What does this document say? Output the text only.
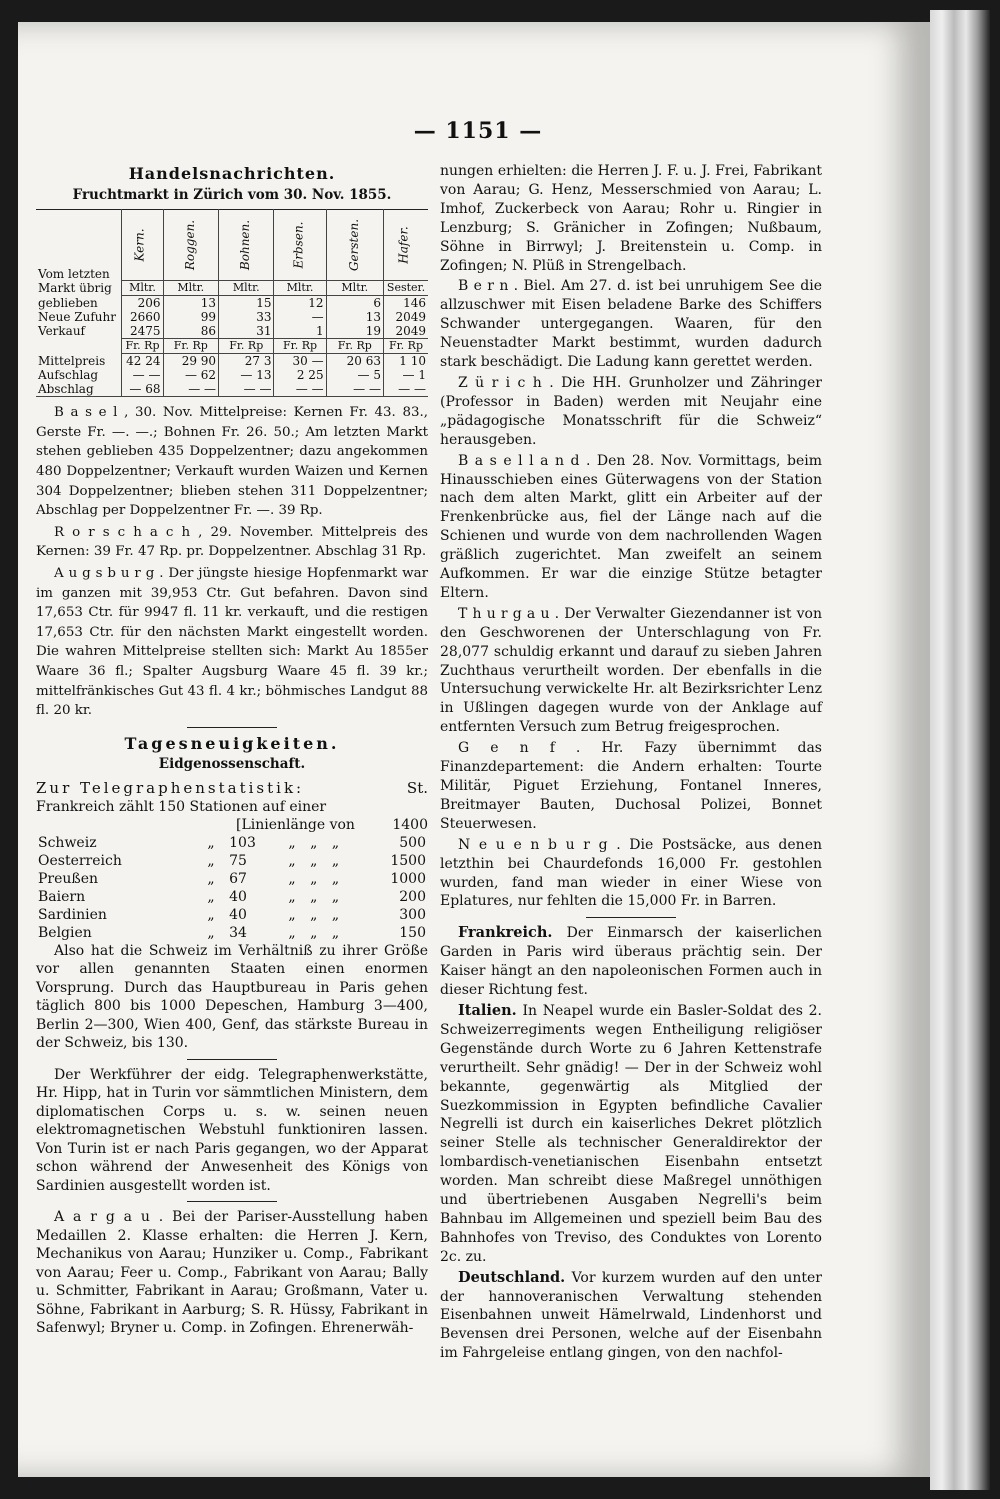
— 1151 —
Handelsnachrichten.
Fruchtmarkt in Zürich vom 30. Nov. 1855.
Vom letzten	Kern.	Roggen.	Bohnen.	Erbsen.	Gersten.	Hafer.
Markt übrig	Mltr.	Mltr.	Mltr.	Mltr.	Mltr.	Sester.
geblieben	206	13	15	12	6	146
Neue Zufuhr	2660	99	33	—	13	2049
Verkauf	2475	86	31	1	19	2049
	Fr. Rp	Fr. Rp	Fr. Rp	Fr. Rp	Fr. Rp	Fr. Rp
Mittelpreis	42 24	29 90	27 3	30 —	20 63	1 10
Aufschlag	— —	— 62	— 13	2 25	— 5	— 1
Abschlag	— 68	— —	— —	— —	— —	— —

B a s e l , 30. Nov. Mittelpreise: Kernen Fr. 43. 83., Gerste Fr. —. —.; Bohnen Fr. 26. 50.; Am letzten Markt stehen geblieben 435 Doppelzentner; dazu angekommen 480 Doppelzentner; Verkauft wurden Waizen und Kernen 304 Doppelzentner; blieben stehen 311 Doppelzentner; Abschlag per Doppelzentner Fr. —. 39 Rp.

R o r s c h a c h , 29. November. Mittelpreis des Kernen: 39 Fr. 47 Rp. pr. Doppelzentner. Abschlag 31 Rp.

A u g s b u r g . Der jüngste hiesige Hopfenmarkt war im ganzen mit 39,953 Ctr. Gut befahren. Davon sind 17,653 Ctr. für 9947 fl. 11 kr. verkauft, und die restigen 17,653 Ctr. für den nächsten Markt eingestellt worden. Die wahren Mittelpreise stellten sich: Markt Au 1855er Waare 36 fl.; Spalter Augsburg Waare 45 fl. 39 kr.; mittelfränkisches Gut 43 fl. 4 kr.; böhmisches Landgut 88 fl. 20 kr.

Tagesneuigkeiten.
Eidgenossenschaft.
Zur Telegraphenstatistik:	St.
Frankreich zählt 150 Stationen auf einer
[Linienlänge von	1400
Schweiz	„	103	„	„	„	500
Oesterreich	„	75	„	„	„	1500
Preußen	„	67	„	„	„	1000
Baiern	„	40	„	„	„	200
Sardinien	„	40	„	„	„	300
Belgien	„	34	„	„	„	150

Also hat die Schweiz im Verhältniß zu ihrer Größe vor allen genannten Staaten einen enormen Vorsprung. Durch das Hauptbureau in Paris gehen täglich 800 bis 1000 Depeschen, Hamburg 3—400, Berlin 2—300, Wien 400, Genf, das stärkste Bureau in der Schweiz, bis 130.

Der Werkführer der eidg. Telegraphenwerkstätte, Hr. Hipp, hat in Turin vor sämmtlichen Ministern, dem diplomatischen Corps u. s. w. seinen neuen elektromagnetischen Webstuhl funktioniren lassen. Von Turin ist er nach Paris gegangen, wo der Apparat schon während der Anwesenheit des Königs von Sardinien ausgestellt worden ist.

A a r g a u . Bei der Pariser-Ausstellung haben Medaillen 2. Klasse erhalten: die Herren J. Kern, Mechanikus von Aarau; Hunziker u. Comp., Fabrikant von Aarau; Feer u. Comp., Fabrikant von Aarau; Bally u. Schmitter, Fabrikant in Aarau; Großmann, Vater u. Söhne, Fabrikant in Aarburg; S. R. Hüssy, Fabrikant in Safenwyl; Bryner u. Comp. in Zofingen. Ehrenerwäh-

nungen erhielten: die Herren J. F. u. J. Frei, Fabrikant von Aarau; G. Henz, Messerschmied von Aarau; L. Imhof, Zuckerbeck von Aarau; Rohr u. Ringier in Lenzburg; S. Gränicher in Zofingen; Nußbaum, Söhne in Birrwyl; J. Breitenstein u. Comp. in Zofingen; N. Plüß in Strengelbach.

B e r n . Biel. Am 27. d. ist bei unruhigem See die allzuschwer mit Eisen beladene Barke des Schiffers Schwander untergegangen. Waaren, für den Neuenstadter Markt bestimmt, wurden dadurch stark beschädigt. Die Ladung kann gerettet werden.

Z ü r i c h . Die HH. Grunholzer und Zähringer (Professor in Baden) werden mit Neujahr eine „pädagogische Monatsschrift für die Schweiz“ herausgeben.

B a s e l l a n d . Den 28. Nov. Vormittags, beim Hinausschieben eines Güterwagens von der Station nach dem alten Markt, glitt ein Arbeiter auf der Frenkenbrücke aus, fiel der Länge nach auf die Schienen und wurde von dem nachrollenden Wagen gräßlich zugerichtet. Man zweifelt an seinem Aufkommen. Er war die einzige Stütze betagter Eltern.

T h u r g a u . Der Verwalter Giezendanner ist von den Geschworenen der Unterschlagung von Fr. 28,077 schuldig erkannt und darauf zu sieben Jahren Zuchthaus verurtheilt worden. Der ebenfalls in die Untersuchung verwickelte Hr. alt Bezirksrichter Lenz in Ußlingen dagegen wurde von der Anklage auf entfernten Versuch zum Betrug freigesprochen.

G e n f . Hr. Fazy übernimmt das Finanzdepartement: die Andern erhalten: Tourte Militär, Piguet Erziehung, Fontanel Inneres, Breitmayer Bauten, Duchosal Polizei, Bonnet Steuerwesen.

N e u e n b u r g . Die Postsäcke, aus denen letzthin bei Chaurdefonds 16,000 Fr. gestohlen wurden, fand man wieder in einer Wiese von Eplatures, nur fehlten die 15,000 Fr. in Barren.

Frankreich. Der Einmarsch der kaiserlichen Garden in Paris wird überaus prächtig sein. Der Kaiser hängt an den napoleonischen Formen auch in dieser Richtung fest.

Italien. In Neapel wurde ein Basler-Soldat des 2. Schweizerregiments wegen Entheiligung religiöser Gegenstände durch Worte zu 6 Jahren Kettenstrafe verurtheilt. Sehr gnädig! — Der in der Schweiz wohl bekannte, gegenwärtig als Mitglied der Suezkommission in Egypten befindliche Cavalier Negrelli ist durch ein kaiserliches Dekret plötzlich seiner Stelle als technischer Generaldirektor der lombardisch-venetianischen Eisenbahn entsetzt worden. Man schreibt diese Maßregel unnöthigen und übertriebenen Ausgaben Negrelli's beim Bahnbau im Allgemeinen und speziell beim Bau des Bahnhofes von Treviso, des Conduktes von Lorento 2c. zu.

Deutschland. Vor kurzem wurden auf den unter der hannoveranischen Verwaltung stehenden Eisenbahnen unweit Hämelrwald, Lindenhorst und Bevensen drei Personen, welche auf der Eisenbahn im Fahrgeleise entlang gingen, von den nachfol-
